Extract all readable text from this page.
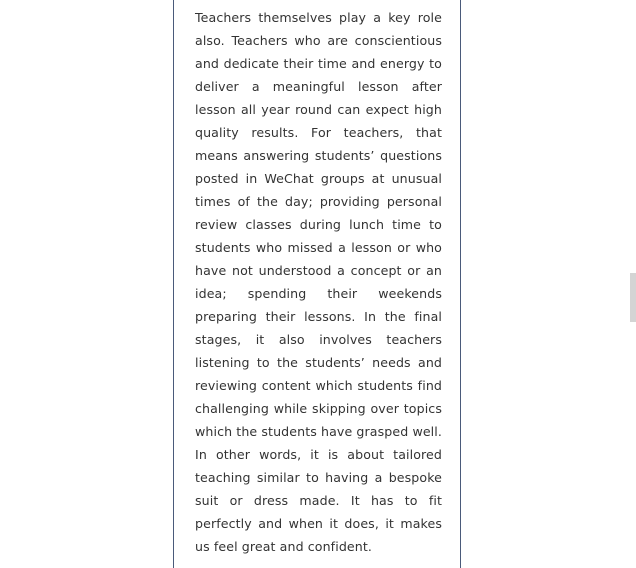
Teachers themselves play a key role also. Teachers who are conscientious and dedicate their time and energy to deliver a meaningful lesson after lesson all year round can expect high quality results. For teachers, that means answering students’ questions posted in WeChat groups at unusual times of the day; providing personal review classes during lunch time to students who missed a lesson or who have not understood a concept or an idea; spending their weekends preparing their lessons. In the final stages, it also involves teachers listening to the students’ needs and reviewing content which students find challenging while skipping over topics which the students have grasped well. In other words, it is about tailored teaching similar to having a bespoke suit or dress made. It has to fit perfectly and when it does, it makes us feel great and confident.
